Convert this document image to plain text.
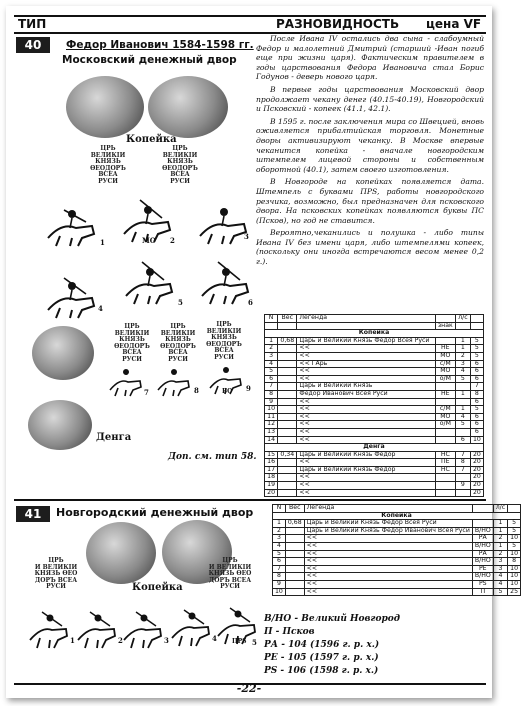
ТИП	РАЗНОВИДНОСТЬ цена VF
40	Федор Иванович 1584-1598 гг.
Московский денежный двор
Копейка
ЦРЬ
ВЕЛИКІИ
КНЯЗЬ
ѲЕОДОРЪ
ВСЕА
РУСИ
ЦРЬ
ВЕЛИКІИ
КНЯЗЬ
ѲЕОДОРЪ
ВСЕА
РУСИ
1	МО 2	3
4
5	6
ЦРЬ
ВЕЛИКІИ
КНЯЗЬ
ѲЕОДОРЪ
ВСЕА
РУСИ
ЦРЬ
ВЕЛИКІИ
КНЯЗЬ
ѲЕОДОРЪ
ВСЕА
РУСИ
ЦРЬ
ВЕЛИКІИ
КНЯЗЬ
ѲЕОДОРЪ
ВСЕА
РУСИ
7	8	ВО 9
Денга
Доп. см. тип 58.

После Ивана IV остались два сына - слабоумный Федор и малолетний Дмитрий (старший -Иван погиб еще при жизни царя). Фактическим правителем в годы царствования Федора Ивановича стал Борис Годунов - деверь нового царя.

В первые годы царствования Московский двор продолжает чекану денег (40.15-40.19), Новгородский и Псковский - копеек (41.1, 42.1).

В 1595 г. после заключения мира со Швецией, вновь оживляется прибалтийская торговля. Монетные дворы активизируют чеканку. В Москве впервые чеканится копейка - вначале новгородским штемпелем лицевой стороны и собственным оборотной (40.1), затем своего изготовления.

В Новгороде на копейках появляется дата. Штемпель с буквами ПРS, работы новгородского резчика, возможно, был предназначен для псковского двора. На псковских копейках появляются буквы ПС (Псков), но год не ставится.

Вероятно,чеканились и полушка - либо типы Ивана IV без имени царя, либо штемпелями копеек,(поскольку они иногда встречаются весом менее 0,2 г.).

N	Вес	Легенда		л/с	
			знак		
Копейка					
1	0,68	Царь и Великий Князь Федор Всея Руси		1	5
2		<<	НЕ	1	5
3		<<	МО	2	5
4		<< ГАрь	с/М	3	6
5		<<	МО	4	6
6		<<	о/М	5	6
7		Царь и Великий Князь			7
8		Федор Иванович Всея Руси	НЕ	1	8
9		<<			6
10		<<	с/М	1	5
11		<<	МО	4	6
12		<<	о/М	5	6
13		<<			6
14		<<		6	10
Денга					
15	0,34	Царь и Великий Князь Федор	НС	7	20
16		<<	ПЕ	8	20
17		Царь и Великий Князь Федор	НС	7	20
18		<<			20
19		<<		9	20
20		<<			20
41	Новгородский денежный двор
Копейка
ЦРЬ
И ВЕЛИКІИ
КНЯЗЬ ѲЕО
ДОРЪ ВСЕА
РУСИ
ЦРЬ
И ВЕЛИКІИ
КНЯЗЬ ѲЕО
ДОРЪ ВСЕА
РУСИ
1	2	3	4	ПРS 5
N	Вес	Легенда		л/с	
Копейка					
1	0,68	Царь и Великий Князь Федор Всея Руси		1	5
2		Царь и Великий Князь Федор Иванович Всея Руси	В/НО	1	5
3		<<	РА	2	10
4		<<	В/НО	1	5
5		<<	РА	2	10
6		<<	В/НО	3	8
7		<<	РЕ	3	10
8		<<	В/НО	4	10
9		<<	PS	4	10
10		<<	П	5	25
В/НО - Великий Новгород
П - Псков
РА - 104 (1596 г. р. х.)
РЕ - 105 (1597 г. р. х.)
PS - 106 (1598 г. р. х.)
-22-
